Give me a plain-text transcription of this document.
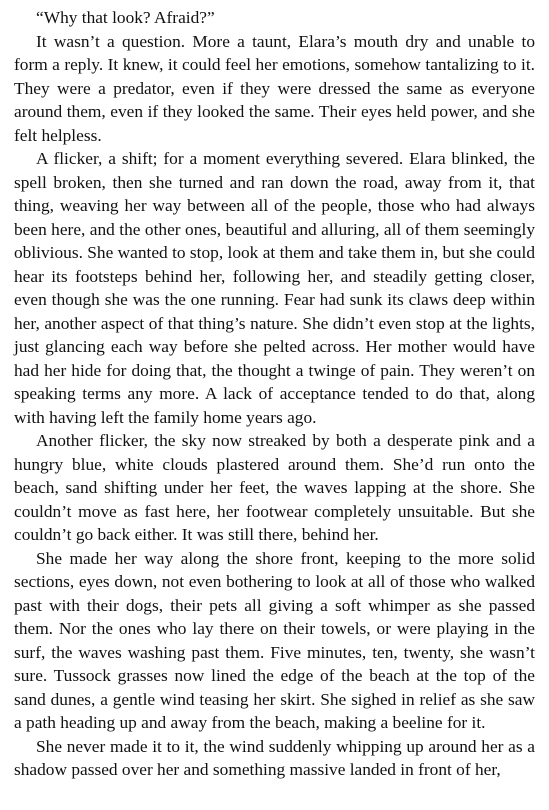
“Why that look? Afraid?”

It wasn’t a question. More a taunt, Elara’s mouth dry and unable to form a reply. It knew, it could feel her emotions, somehow tantalizing to it. They were a predator, even if they were dressed the same as everyone around them, even if they looked the same. Their eyes held power, and she felt helpless.

A flicker, a shift; for a moment everything severed. Elara blinked, the spell broken, then she turned and ran down the road, away from it, that thing, weaving her way between all of the people, those who had always been here, and the other ones, beautiful and alluring, all of them seemingly oblivious. She wanted to stop, look at them and take them in, but she could hear its footsteps behind her, following her, and steadily getting closer, even though she was the one running. Fear had sunk its claws deep within her, another aspect of that thing’s nature. She didn’t even stop at the lights, just glancing each way before she pelted across. Her mother would have had her hide for doing that, the thought a twinge of pain. They weren’t on speaking terms any more. A lack of acceptance tended to do that, along with having left the family home years ago.

Another flicker, the sky now streaked by both a desperate pink and a hungry blue, white clouds plastered around them. She’d run onto the beach, sand shifting under her feet, the waves lapping at the shore. She couldn’t move as fast here, her footwear completely unsuitable. But she couldn’t go back either. It was still there, behind her.

She made her way along the shore front, keeping to the more solid sections, eyes down, not even bothering to look at all of those who walked past with their dogs, their pets all giving a soft whimper as she passed them. Nor the ones who lay there on their towels, or were playing in the surf, the waves washing past them. Five minutes, ten, twenty, she wasn’t sure. Tussock grasses now lined the edge of the beach at the top of the sand dunes, a gentle wind teasing her skirt. She sighed in relief as she saw a path heading up and away from the beach, making a beeline for it.

She never made it to it, the wind suddenly whipping up around her as a shadow passed over her and something massive landed in front of her,
